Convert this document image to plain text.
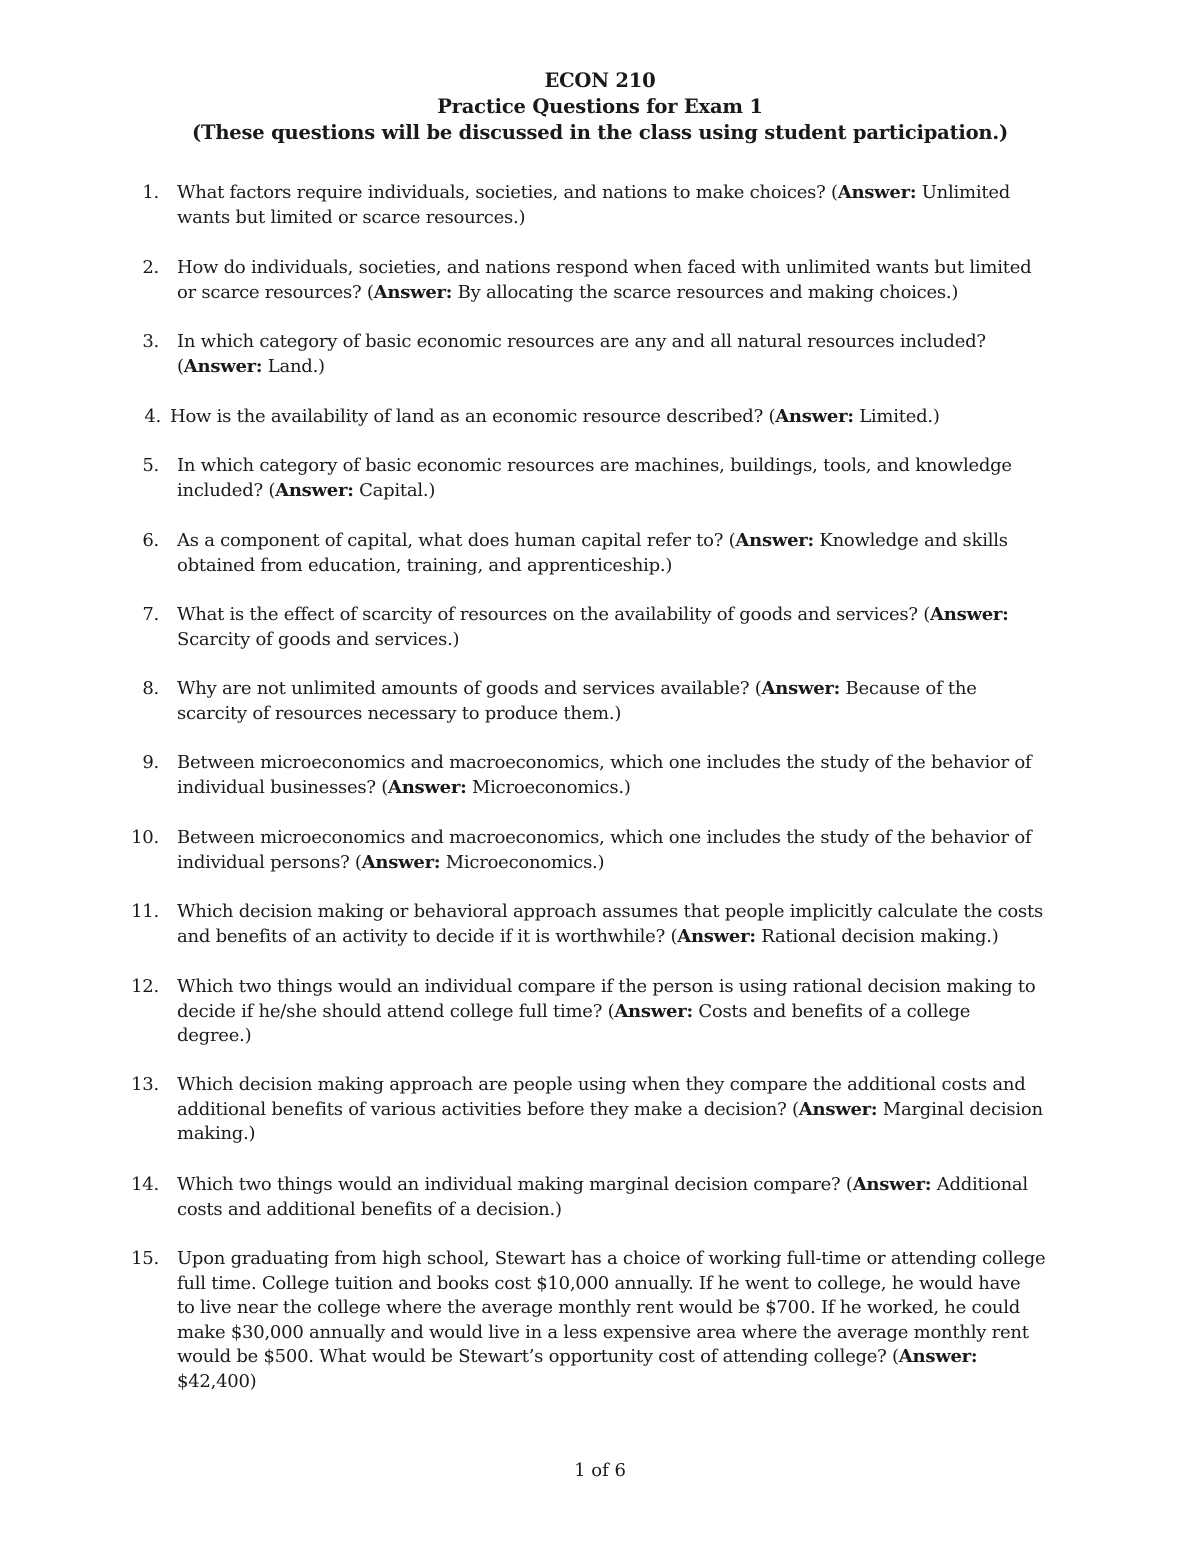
ECON 210
Practice Questions for Exam 1
(These questions will be discussed in the class using student participation.)
1. What factors require individuals, societies, and nations to make choices? (Answer: Unlimited
wants but limited or scarce resources.)
2. How do individuals, societies, and nations respond when faced with unlimited wants but limited
or scarce resources? (Answer: By allocating the scarce resources and making choices.)
3. In which category of basic economic resources are any and all natural resources included?
(Answer: Land.)
4. How is the availability of land as an economic resource described? (Answer: Limited.)
5. In which category of basic economic resources are machines, buildings, tools, and knowledge
included? (Answer: Capital.)
6. As a component of capital, what does human capital refer to? (Answer: Knowledge and skills
obtained from education, training, and apprenticeship.)
7. What is the effect of scarcity of resources on the availability of goods and services? (Answer:
Scarcity of goods and services.)
8. Why are not unlimited amounts of goods and services available? (Answer: Because of the
scarcity of resources necessary to produce them.)
9. Between microeconomics and macroeconomics, which one includes the study of the behavior of
individual businesses? (Answer: Microeconomics.)
10. Between microeconomics and macroeconomics, which one includes the study of the behavior of
individual persons? (Answer: Microeconomics.)
11. Which decision making or behavioral approach assumes that people implicitly calculate the costs
and benefits of an activity to decide if it is worthwhile? (Answer: Rational decision making.)
12. Which two things would an individual compare if the person is using rational decision making to
decide if he/she should attend college full time? (Answer: Costs and benefits of a college
degree.)
13. Which decision making approach are people using when they compare the additional costs and
additional benefits of various activities before they make a decision? (Answer: Marginal decision
making.)
14. Which two things would an individual making marginal decision compare? (Answer: Additional
costs and additional benefits of a decision.)
15. Upon graduating from high school, Stewart has a choice of working full-time or attending college
full time. College tuition and books cost $10,000 annually. If he went to college, he would have
to live near the college where the average monthly rent would be $700. If he worked, he could
make $30,000 annually and would live in a less expensive area where the average monthly rent
would be $500. What would be Stewart’s opportunity cost of attending college? (Answer:
$42,400)
1 of 6
